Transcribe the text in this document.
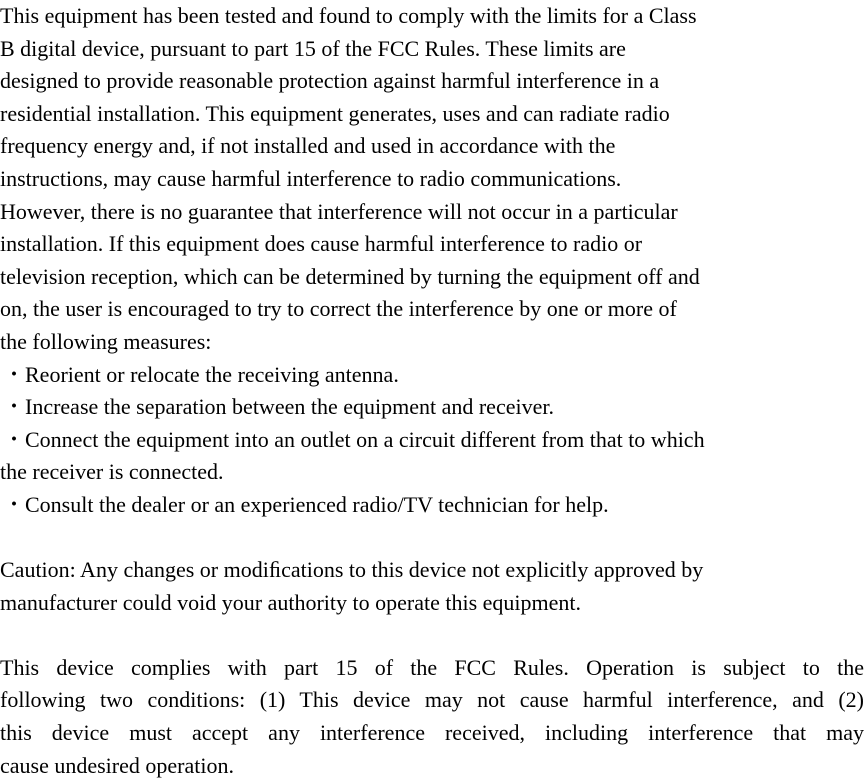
This equipment has been tested and found to comply with the limits for a Class
B digital device, pursuant to part 15 of the FCC Rules. These limits are
designed to provide reasonable protection against harmful interference in a
residential installation. This equipment generates, uses and can radiate radio
frequency energy and, if not installed and used in accordance with the
instructions, may cause harmful interference to radio communications.
However, there is no guarantee that interference will not occur in a particular
installation. If this equipment does cause harmful interference to radio or
television reception, which can be determined by turning the equipment off and
on, the user is encouraged to try to correct the interference by one or more of
the following measures:
・ Reorient or relocate the receiving antenna.
・ Increase the separation between the equipment and receiver.
・ Connect the equipment into an outlet on a circuit different from that to which
the receiver is connected.
・ Consult the dealer or an experienced radio/TV technician for help.
Caution: Any changes or modiﬁcations to this device not explicitly approved by
manufacturer could void your authority to operate this equipment.
This device complies with part 15 of the FCC Rules. Operation is subject to the
following two conditions: (1) This device may not cause harmful interference, and (2)
this device must accept any interference received, including interference that may
cause undesired operation.
